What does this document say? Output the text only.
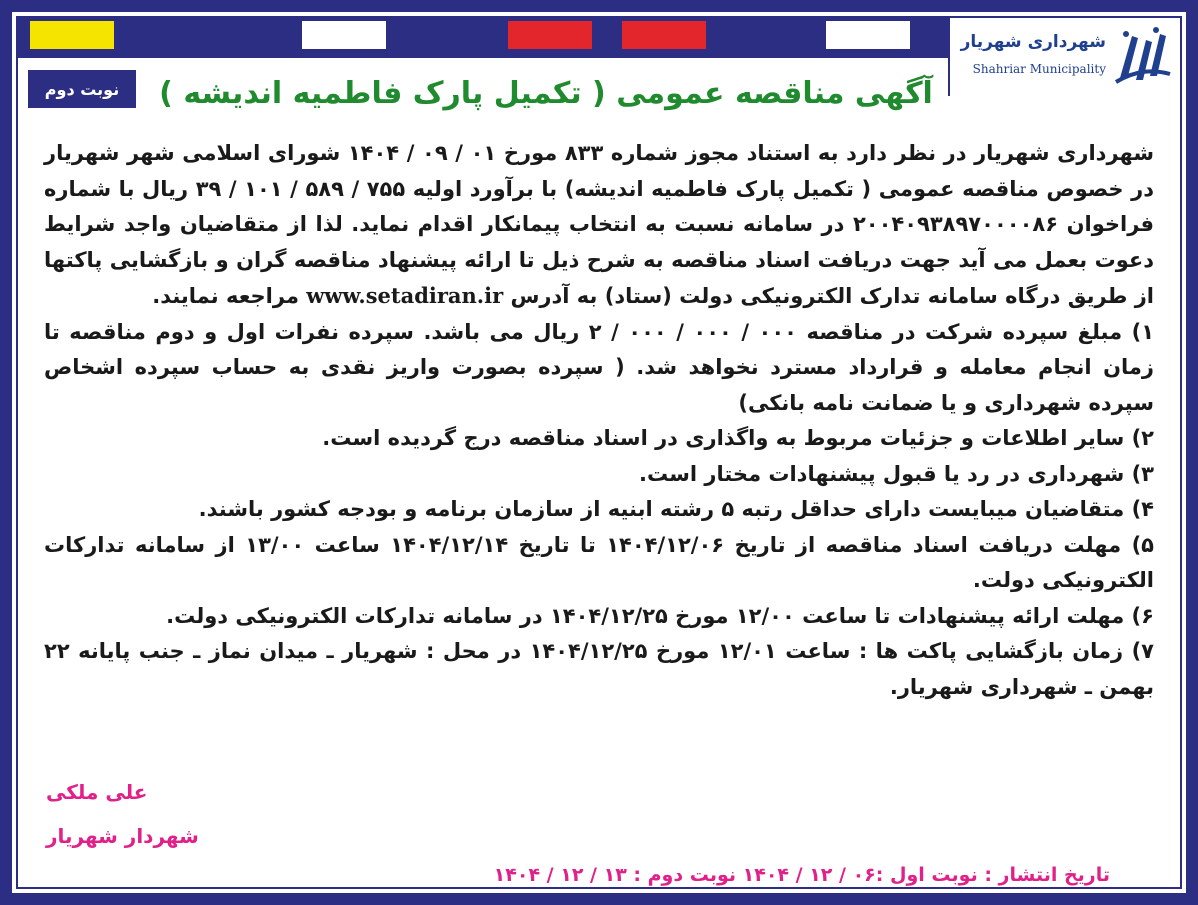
شهرداری شهریار
Shahriar Municipality
نوبت دوم	آگهی مناقصه عمومی ( تکمیل پارک فاطمیه اندیشه )

شهرداری شهریار در نظر دارد به استناد مجوز شماره ۸۳۳ مورخ ۰۱ / ۰۹ / ۱۴۰۴ شورای اسلامی شهر شهریار در خصوص مناقصه عمومی ( تکمیل پارک فاطمیه اندیشه) با برآورد اولیه ۷۵۵ / ۵۸۹ / ۱۰۱ / ۳۹ ریال با شماره فراخوان ۲۰۰۴۰۹۳۸۹۷۰۰۰۰۸۶ در سامانه نسبت به انتخاب پیمانکار اقدام نماید. لذا از متقاضیان واجد شرایط دعوت بعمل می آید جهت دریافت اسناد مناقصه به شرح ذیل تا ارائه پیشنهاد مناقصه گران و بازگشایی پاکتها از طریق درگاه سامانه تدارک الکترونیکی دولت (ستاد) به آدرس www.setadiran.ir مراجعه نمایند.

۱) مبلغ سپرده شرکت در مناقصه ۰۰۰ / ۰۰۰ / ۰۰۰ / ۲ ریال می باشد. سپرده نفرات اول و دوم مناقصه تا زمان انجام معامله و قرارداد مسترد نخواهد شد. ( سپرده بصورت واریز نقدی به حساب سپرده اشخاص سپرده شهرداری و یا ضمانت نامه بانکی)

۲) سایر اطلاعات و جزئیات مربوط به واگذاری در اسناد مناقصه درج گردیده است.

۳) شهرداری در رد یا قبول پیشنهادات مختار است.

۴) متقاضیان میبایست دارای حداقل رتبه ۵ رشته ابنیه از سازمان برنامه و بودجه کشور باشند.

۵) مهلت دریافت اسناد مناقصه از تاریخ ۱۴۰۴/۱۲/۰۶ تا تاریخ ۱۴۰۴/۱۲/۱۴ ساعت ۱۳/۰۰ از سامانه تدارکات الکترونیکی دولت.

۶) مهلت ارائه پیشنهادات تا ساعت ۱۲/۰۰ مورخ ۱۴۰۴/۱۲/۲۵ در سامانه تدارکات الکترونیکی دولت.

۷) زمان بازگشایی پاکت ها : ساعت ۱۲/۰۱ مورخ ۱۴۰۴/۱۲/۲۵ در محل : شهریار ـ میدان نماز ـ جنب پایانه ۲۲ بهمن ـ شهرداری شهریار.

علی ملکی
شهردار شهریار
تاریخ انتشار : نوبت اول :۰۶ / ۱۲ / ۱۴۰۴ نوبت دوم : ۱۳ / ۱۲ / ۱۴۰۴
